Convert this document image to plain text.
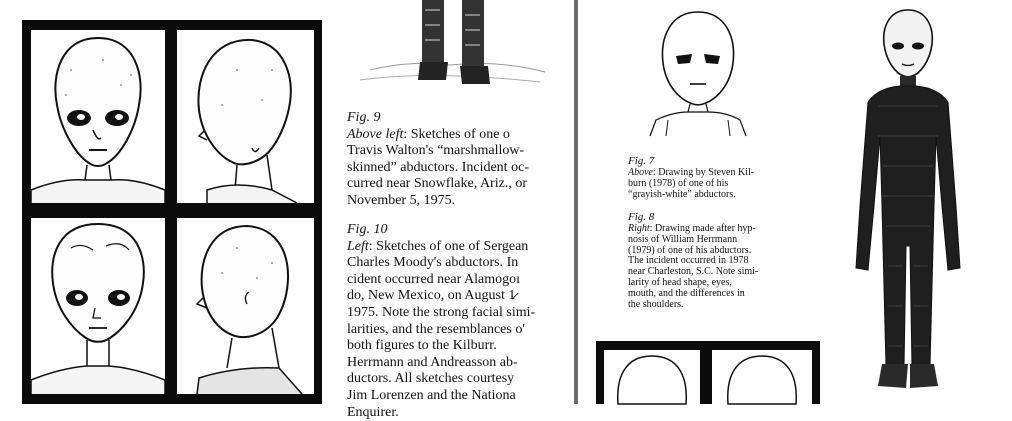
Fig. 9
Above left: Sketches of one o
Travis Walton's “marshmallow-
skinned” abductors. Incident oc-
curred near Snowflake, Ariz., or
November 5, 1975.
Fig. 10
Left: Sketches of one of Sergean
Charles Moody's abductors. In
cident occurred near Alamogoı
do, New Mexico, on August 1̷
1975. Note the strong facial simi-
larities, and the resemblances o'
both figures to the Kilburr.
Herrmann and Andreasson ab-
ductors. All sketches courtesy
Jim Lorenzen and the Nationa
Enquirer.
Fig. 7
Above: Drawing by Steven Kil-
burn (1978) of one of his
“grayish-white” abductors.
Fig. 8
Right: Drawing made after hyp-
nosis of William Herrmann
(1979) of one of his abductors.
The incident occurred in 1978
near Charleston, S.C. Note simi-
larity of head shape, eyes,
mouth, and the differences in
the shoulders.
